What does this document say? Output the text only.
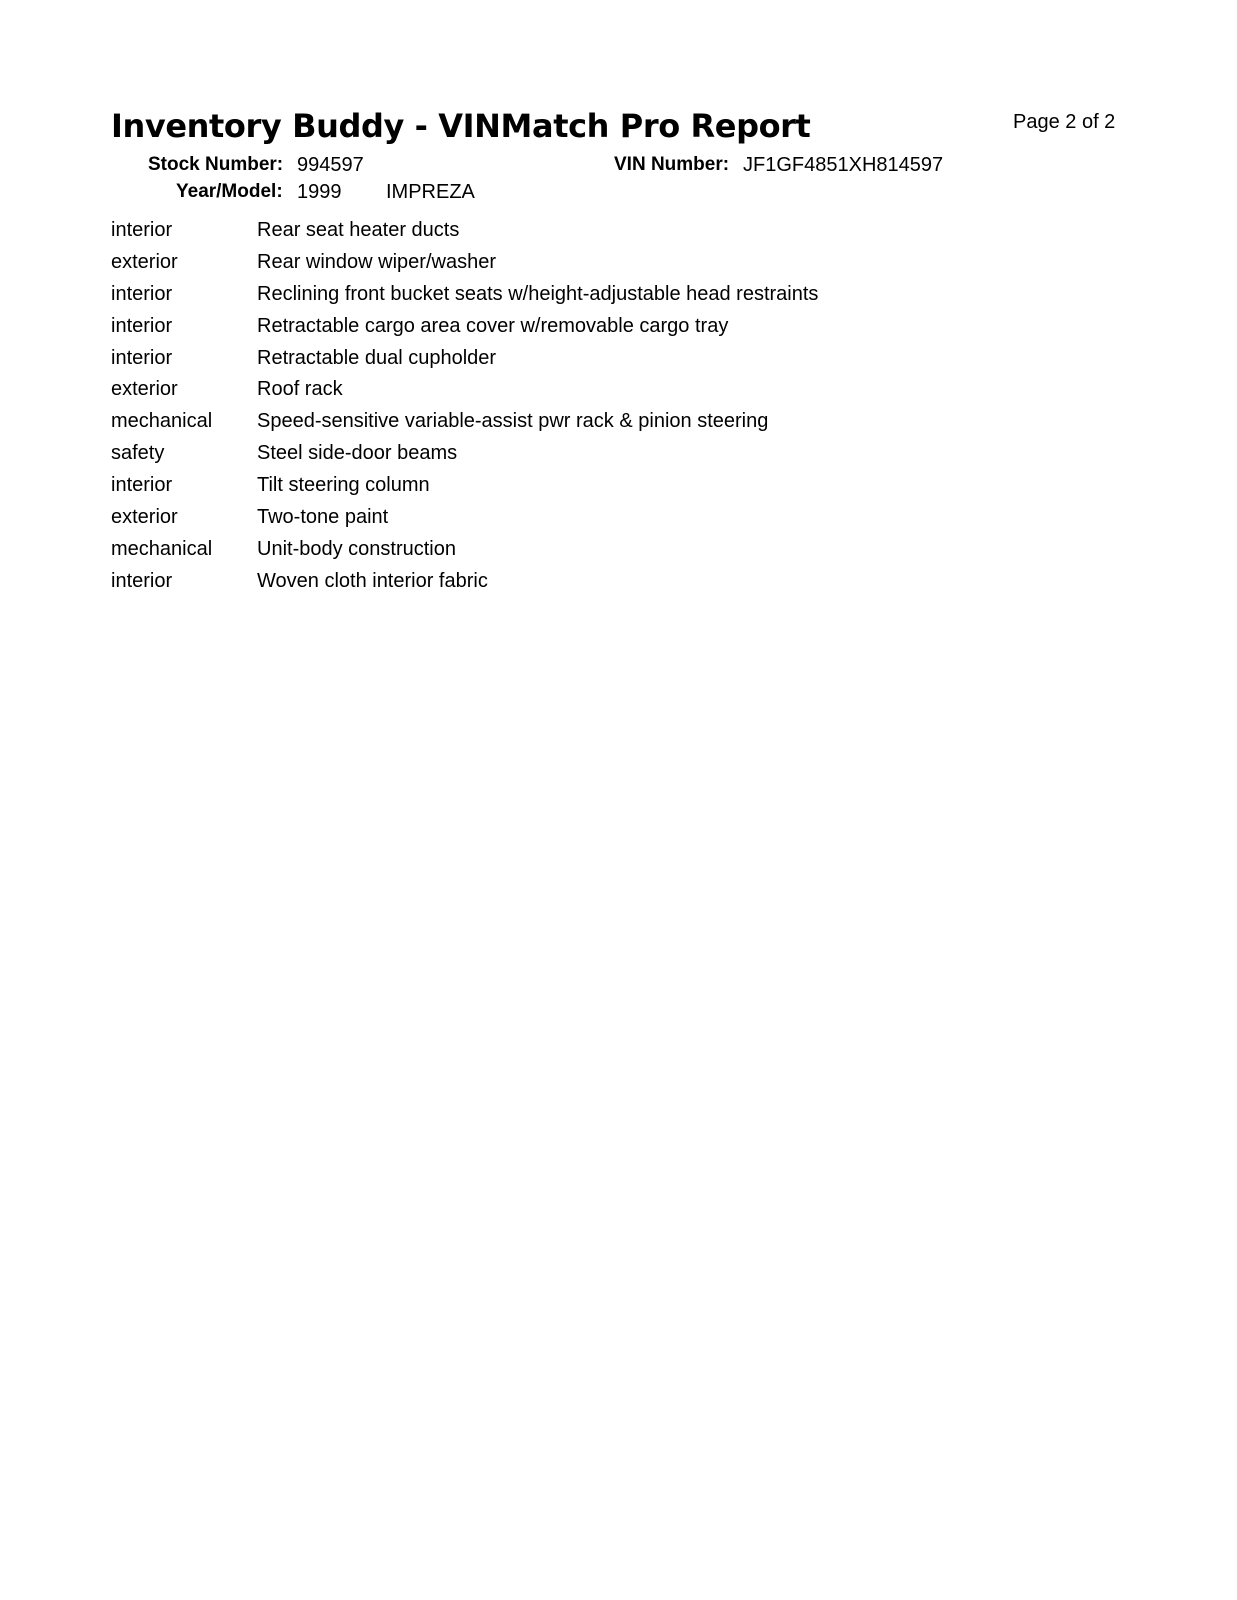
Inventory Buddy - VINMatch Pro Report	Page 2 of 2
Stock Number: 994597	VIN Number: JF1GF4851XH814597
Year/Model: 1999 IMPREZA
interior	Rear seat heater ducts
exterior	Rear window wiper/washer
interior	Reclining front bucket seats w/height-adjustable head restraints
interior	Retractable cargo area cover w/removable cargo tray
interior	Retractable dual cupholder
exterior	Roof rack
mechanical Speed-sensitive variable-assist pwr rack & pinion steering
safety	Steel side-door beams
interior	Tilt steering column
exterior	Two-tone paint
mechanical Unit-body construction
interior	Woven cloth interior fabric
